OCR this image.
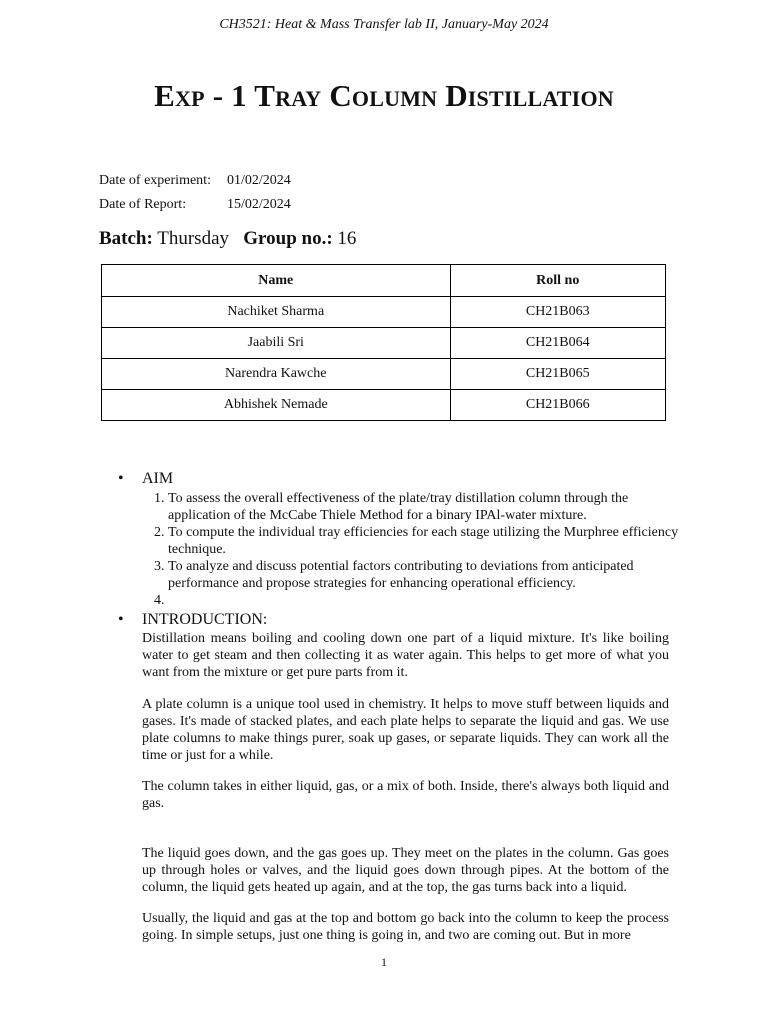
CH3521: Heat & Mass Transfer lab II, January-May 2024
Exp - 1 Tray Column Distillation
Date of experiment: 01/02/2024
Date of Report:	15/02/2024
Batch: Thursday Group no.: 16
Name	Roll no
Nachiket Sharma	CH21B063
Jaabili Sri	CH21B064
Narendra Kawche	CH21B065
Abhishek Nemade	CH21B066
• AIM
1. To assess the overall effectiveness of the plate/tray distillation column through the application of the McCabe Thiele Method for a binary IPAl-water mixture.
2. To compute the individual tray efficiencies for each stage utilizing the Murphree efficiency technique.
3. To analyze and discuss potential factors contributing to deviations from anticipated performance and propose strategies for enhancing operational efficiency.
4.
• INTRODUCTION:

Distillation means boiling and cooling down one part of a liquid mixture. It's like boiling water to get steam and then collecting it as water again. This helps to get more of what you want from the mixture or get pure parts from it.

A plate column is a unique tool used in chemistry. It helps to move stuff between liquids and gases. It's made of stacked plates, and each plate helps to separate the liquid and gas. We use plate columns to make things purer, soak up gases, or separate liquids. They can work all the time or just for a while.

The column takes in either liquid, gas, or a mix of both. Inside, there's always both liquid and gas.

The liquid goes down, and the gas goes up. They meet on the plates in the column. Gas goes up through holes or valves, and the liquid goes down through pipes. At the bottom of the column, the liquid gets heated up again, and at the top, the gas turns back into a liquid.

Usually, the liquid and gas at the top and bottom go back into the column to keep the process going. In simple setups, just one thing is going in, and two are coming out. But in more

1
